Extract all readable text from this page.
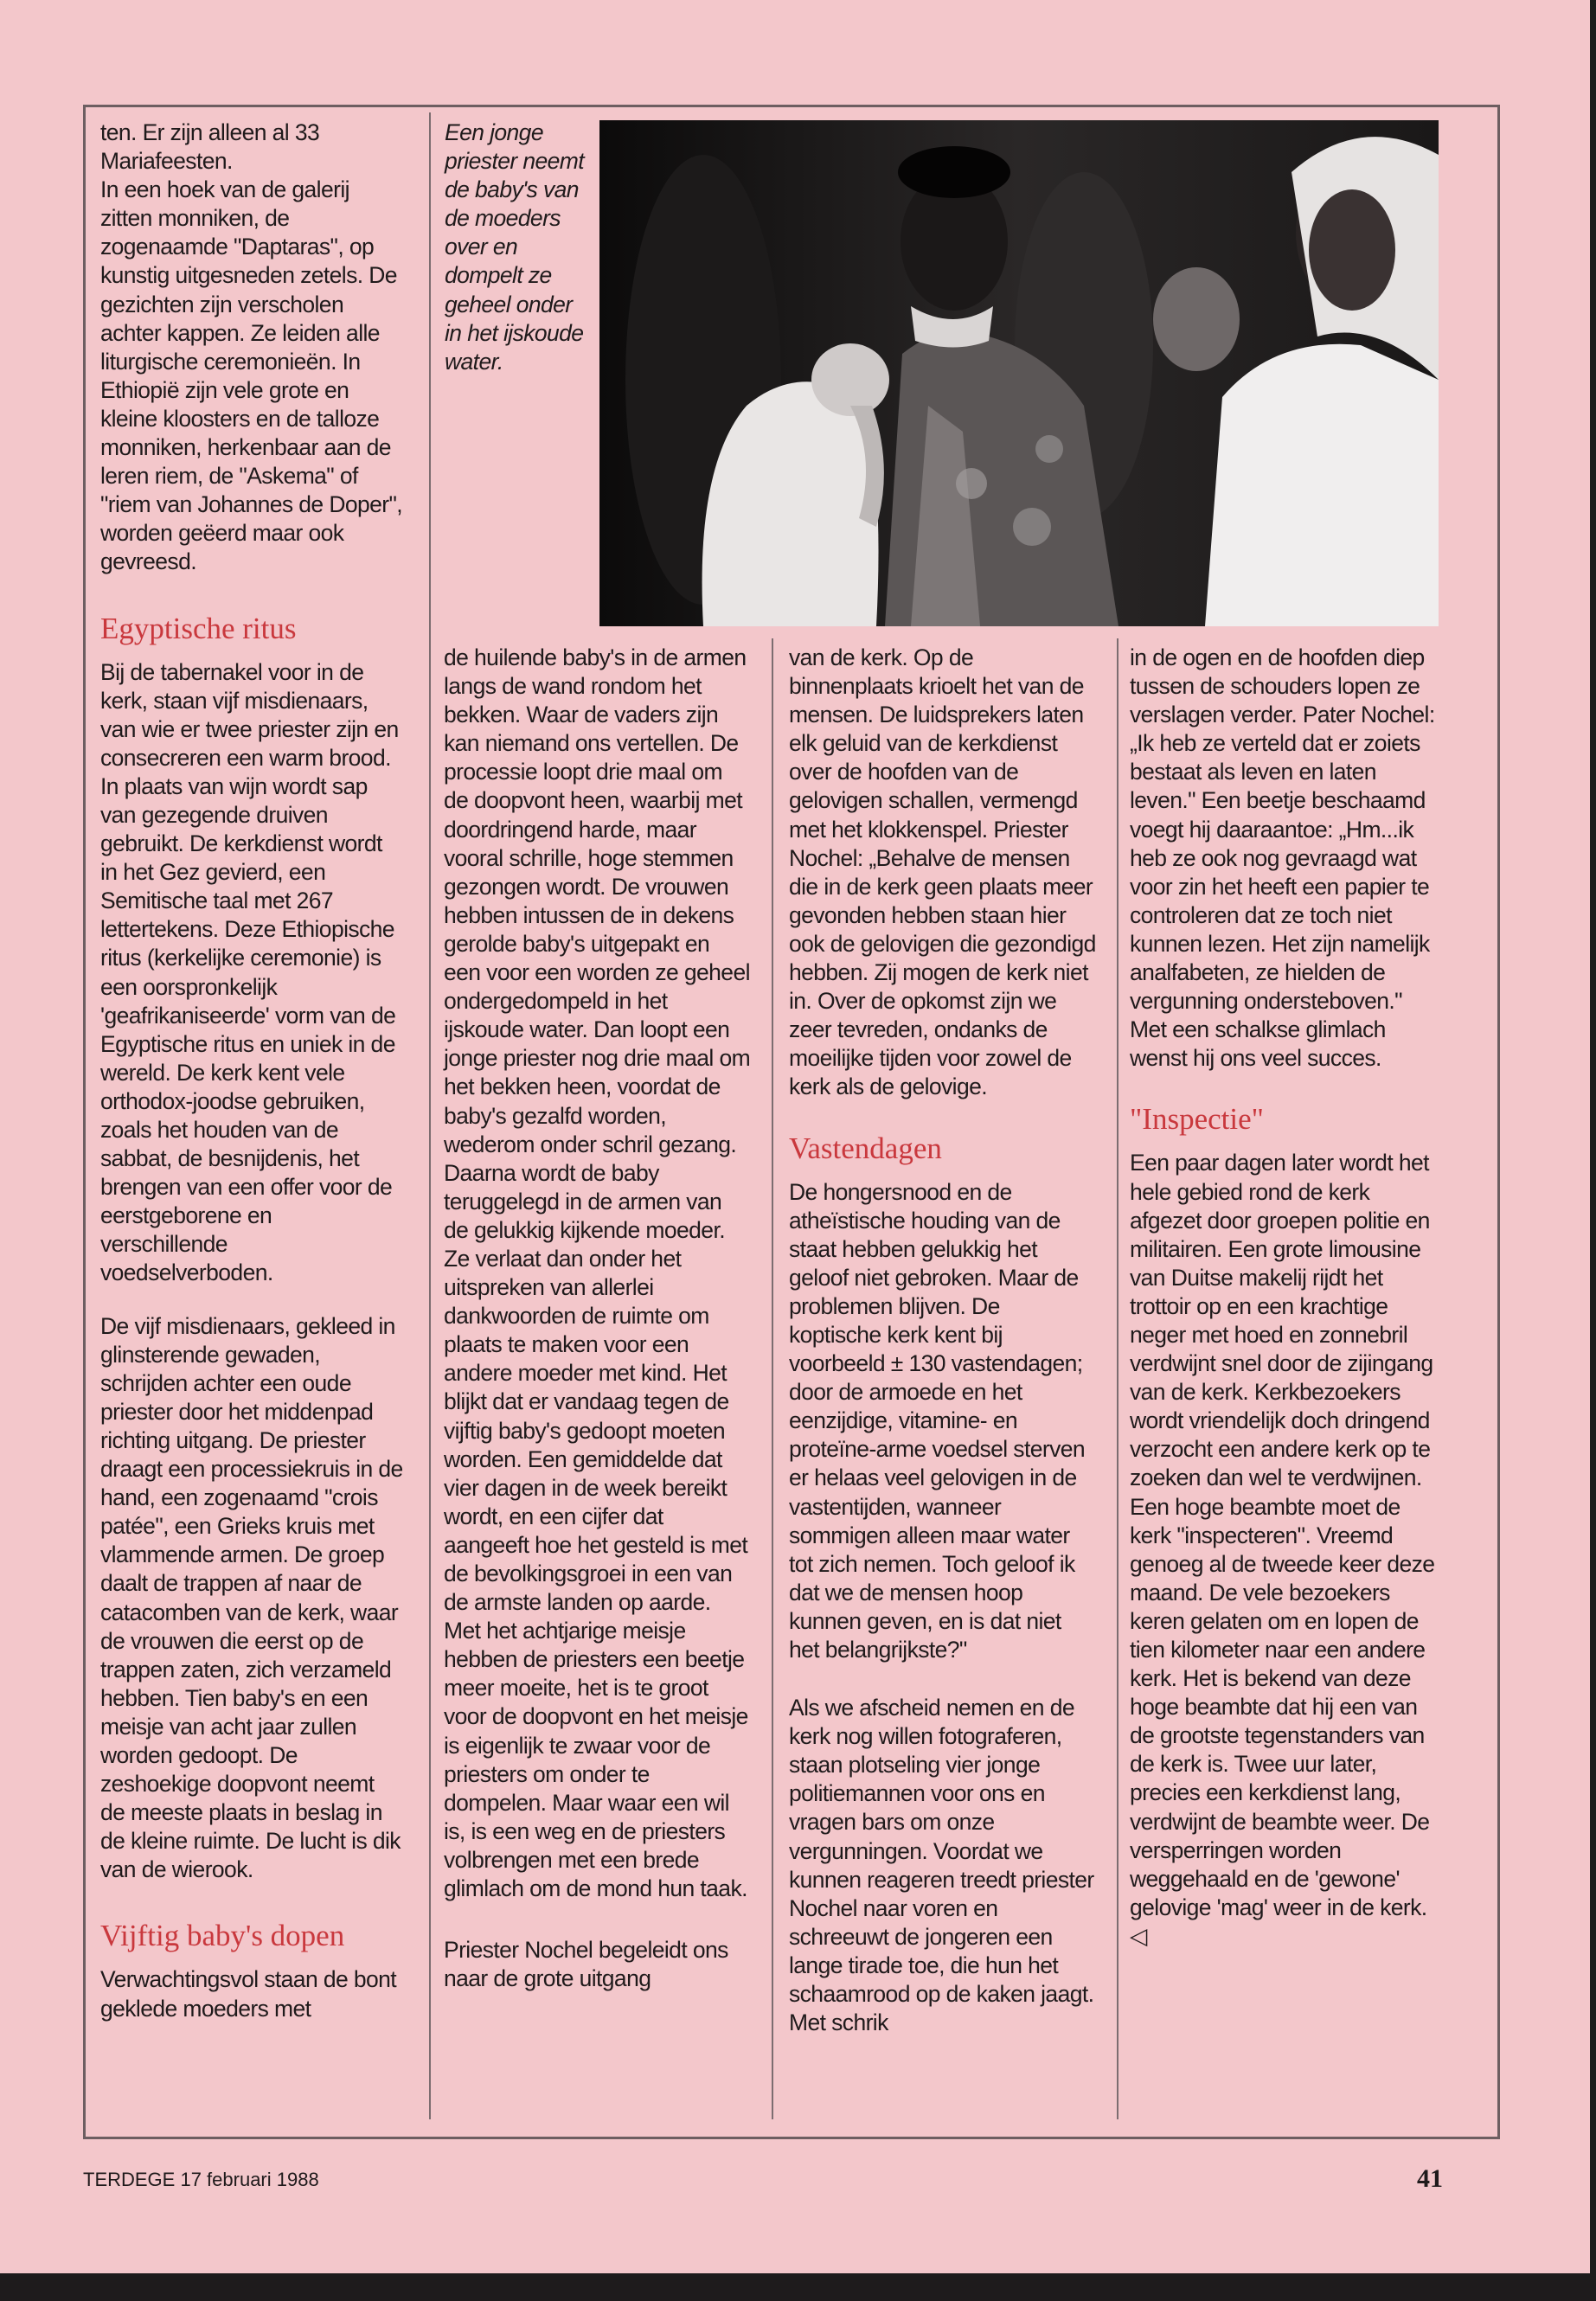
Een jonge priester neemt de baby's van de moeders over en dompelt ze geheel onder in het ijskoude water.

ten. Er zijn alleen al 33 Mariafeesten.

In een hoek van de galerij zitten monniken, de zogenaamde "Daptaras", op kunstig uitgesneden zetels. De gezichten zijn verscholen achter kappen. Ze leiden alle liturgische ceremonieën. In Ethiopië zijn vele grote en kleine kloosters en de talloze monniken, herkenbaar aan de leren riem, de "Askema" of "riem van Johannes de Doper", worden geëerd maar ook gevreesd.

Egyptische ritus

Bij de tabernakel voor in de kerk, staan vijf misdienaars, van wie er twee priester zijn en consecreren een warm brood. In plaats van wijn wordt sap van gezegende druiven gebruikt. De kerkdienst wordt in het Gez gevierd, een Semitische taal met 267 lettertekens. Deze Ethiopische ritus (kerkelijke ceremonie) is een oorspronkelijk 'geafrikaniseerde' vorm van de Egyptische ritus en uniek in de wereld. De kerk kent vele orthodox-joodse gebruiken, zoals het houden van de sabbat, de besnijdenis, het brengen van een offer voor de eerstgeborene en verschillende voedselverboden.

De vijf misdienaars, gekleed in glinsterende gewaden, schrijden achter een oude priester door het middenpad richting uitgang. De priester draagt een processiekruis in de hand, een zogenaamd "crois patée", een Grieks kruis met vlammende armen. De groep daalt de trappen af naar de catacomben van de kerk, waar de vrouwen die eerst op de trappen zaten, zich verzameld hebben. Tien baby's en een meisje van acht jaar zullen worden gedoopt. De zeshoekige doopvont neemt de meeste plaats in beslag in de kleine ruimte. De lucht is dik van de wierook.

Vijftig baby's dopen

Verwachtingsvol staan de bont geklede moeders met

de huilende baby's in de armen langs de wand rondom het bekken. Waar de vaders zijn kan niemand ons vertellen. De processie loopt drie maal om de doopvont heen, waarbij met doordringend harde, maar vooral schrille, hoge stemmen gezongen wordt. De vrouwen hebben intussen de in dekens gerolde baby's uitgepakt en een voor een worden ze geheel ondergedompeld in het ijskoude water. Dan loopt een jonge priester nog drie maal om het bekken heen, voordat de baby's gezalfd worden, wederom onder schril gezang. Daarna wordt de baby teruggelegd in de armen van de gelukkig kijkende moeder. Ze verlaat dan onder het uitspreken van allerlei dankwoorden de ruimte om plaats te maken voor een andere moeder met kind. Het blijkt dat er vandaag tegen de vijftig baby's gedoopt moeten worden. Een gemiddelde dat vier dagen in de week bereikt wordt, en een cijfer dat aangeeft hoe het gesteld is met de bevolkingsgroei in een van de armste landen op aarde. Met het achtjarige meisje hebben de priesters een beetje meer moeite, het is te groot voor de doopvont en het meisje is eigenlijk te zwaar voor de priesters om onder te dompelen. Maar waar een wil is, is een weg en de priesters volbrengen met een brede glimlach om de mond hun taak.

Priester Nochel begeleidt ons naar de grote uitgang

van de kerk. Op de binnenplaats krioelt het van de mensen. De luidsprekers laten elk geluid van de kerkdienst over de hoofden van de gelovigen schallen, vermengd met het klokkenspel. Priester Nochel: „Behalve de mensen die in de kerk geen plaats meer gevonden hebben staan hier ook de gelovigen die gezondigd hebben. Zij mogen de kerk niet in. Over de opkomst zijn we zeer tevreden, ondanks de moeilijke tijden voor zowel de kerk als de gelovige.

Vastendagen

De hongersnood en de atheïstische houding van de staat hebben gelukkig het geloof niet gebroken. Maar de problemen blijven. De koptische kerk kent bij voorbeeld ± 130 vastendagen; door de armoede en het eenzijdige, vitamine- en proteïne-arme voedsel sterven er helaas veel gelovigen in de vastentijden, wanneer sommigen alleen maar water tot zich nemen. Toch geloof ik dat we de mensen hoop kunnen geven, en is dat niet het belangrijkste?"

Als we afscheid nemen en de kerk nog willen fotograferen, staan plotseling vier jonge politiemannen voor ons en vragen bars om onze vergunningen. Voordat we kunnen reageren treedt priester Nochel naar voren en schreeuwt de jongeren een lange tirade toe, die hun het schaamrood op de kaken jaagt. Met schrik

in de ogen en de hoofden diep tussen de schouders lopen ze verslagen verder. Pater Nochel: „Ik heb ze verteld dat er zoiets bestaat als leven en laten leven." Een beetje beschaamd voegt hij daaraantoe: „Hm...ik heb ze ook nog gevraagd wat voor zin het heeft een papier te controleren dat ze toch niet kunnen lezen. Het zijn namelijk analfabeten, ze hielden de vergunning ondersteboven." Met een schalkse glimlach wenst hij ons veel succes.

"Inspectie"

Een paar dagen later wordt het hele gebied rond de kerk afgezet door groepen politie en militairen. Een grote limousine van Duitse makelij rijdt het trottoir op en een krachtige neger met hoed en zonnebril verdwijnt snel door de zijingang van de kerk. Kerkbezoekers wordt vriendelijk doch dringend verzocht een andere kerk op te zoeken dan wel te verdwijnen. Een hoge beambte moet de kerk "inspecteren". Vreemd genoeg al de tweede keer deze maand. De vele bezoekers keren gelaten om en lopen de tien kilometer naar een andere kerk. Het is bekend van deze hoge beambte dat hij een van de grootste tegenstanders van de kerk is. Twee uur later, precies een kerkdienst lang, verdwijnt de beambte weer. De versperringen worden weggehaald en de 'gewone' gelovige 'mag' weer in de kerk. ◁

TERDEGE 17 februari 1988	41
